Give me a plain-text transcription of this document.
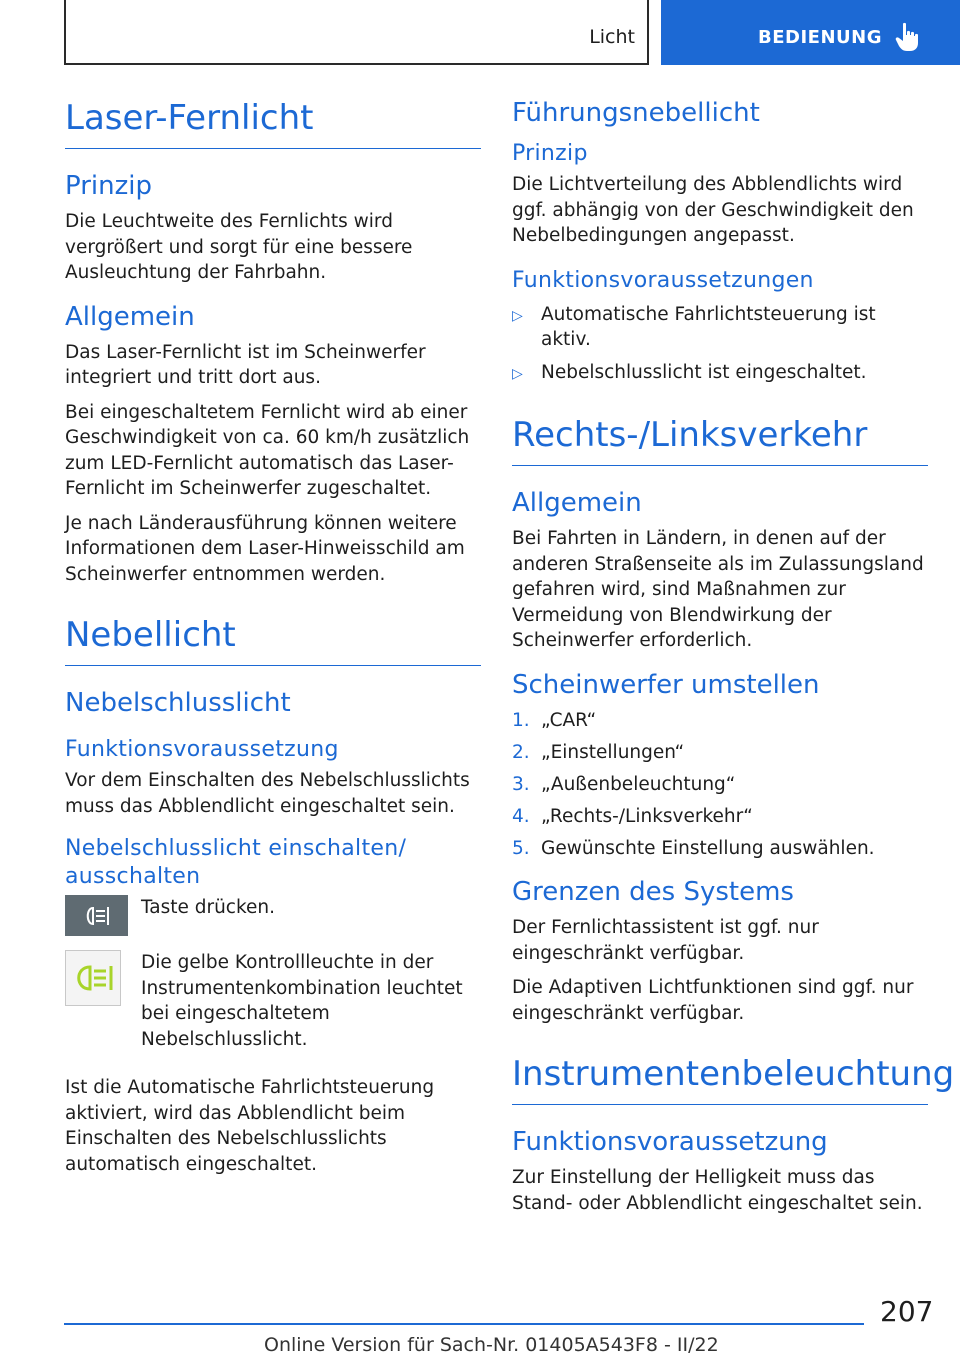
Licht	BEDIENUNG
Laser-Fernlicht
Prinzip
Die Leuchtweite des Fernlichts wird vergrößert und sorgt für eine bessere Ausleuchtung der Fahrbahn.
Allgemein
Das Laser-Fernlicht ist im Scheinwerfer integriert und tritt dort aus.
Bei eingeschaltetem Fernlicht wird ab einer Geschwindigkeit von ca. 60 km/h zusätzlich zum LED-Fernlicht automatisch das Laser-Fernlicht im Scheinwerfer zugeschaltet.
Je nach Länderausführung können weitere Informationen dem Laser-Hinweisschild am Scheinwerfer entnommen werden.
Nebellicht
Nebelschlusslicht
Funktionsvoraussetzung
Vor dem Einschalten des Nebelschlusslichts muss das Abblendlicht eingeschaltet sein.
Nebelschlusslicht einschalten/ ausschalten
Taste drücken.
Die gelbe Kontrollleuchte in der Instrumentenkombination leuchtet bei eingeschaltetem Nebelschlusslicht.
Ist die Automatische Fahrlichtsteuerung aktiviert, wird das Abblendlicht beim Einschalten des Nebelschlusslichts automatisch eingeschaltet.
Führungsnebellicht
Prinzip
Die Lichtverteilung des Abblendlichts wird ggf. abhängig von der Geschwindigkeit den Nebelbedingungen angepasst.
Funktionsvoraussetzungen
▷ Automatische Fahrlichtsteuerung ist aktiv.
▷ Nebelschlusslicht ist eingeschaltet.
Rechts-/Linksverkehr
Allgemein
Bei Fahrten in Ländern, in denen auf der anderen Straßenseite als im Zulassungsland gefahren wird, sind Maßnahmen zur Vermeidung von Blendwirkung der Scheinwerfer erforderlich.
Scheinwerfer umstellen
1. „CAR“
2. „Einstellungen“
3. „Außenbeleuchtung“
4. „Rechts-/Linksverkehr“
5. Gewünschte Einstellung auswählen.
Grenzen des Systems
Der Fernlichtassistent ist ggf. nur eingeschränkt verfügbar.
Die Adaptiven Lichtfunktionen sind ggf. nur eingeschränkt verfügbar.
Instrumentenbeleuchtung
Funktionsvoraussetzung
Zur Einstellung der Helligkeit muss das Stand- oder Abblendlicht eingeschaltet sein.
207
Online Version für Sach-Nr. 01405A543F8 - II/22
